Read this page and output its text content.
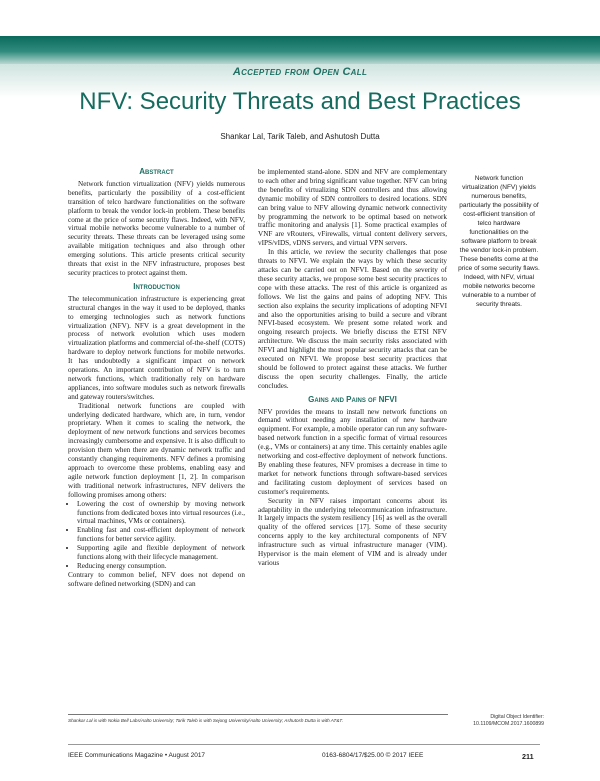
Accepted from Open Call
NFV: Security Threats and Best Practices
Shankar Lal, Tarik Taleb, and Ashutosh Dutta
Abstract

Network function virtualization (NFV) yields numerous benefits, particularly the possibility of a cost-efficient transition of telco hardware functionalities on the software platform to break the vendor lock-in problem. These benefits come at the price of some security flaws. Indeed, with NFV, virtual mobile networks become vulnerable to a number of security threats. These threats can be leveraged using some available mitigation techniques and also through other emerging solutions. This article presents critical security threats that exist in the NFV infrastructure, proposes best security practices to protect against them.

Introduction

The telecommunication infrastructure is experiencing great structural changes in the way it used to be deployed, thanks to emerging technologies such as network functions virtualization (NFV). NFV is a great development in the process of network evolution which uses modern virtualization platforms and commercial of-the-shelf (COTS) hardware to deploy network functions for mobile networks. It has undoubtedly a significant impact on network operations. An important contribution of NFV is to turn network functions, which traditionally rely on hardware appliances, into software modules such as network firewalls and gateway routers/switches.

Traditional network functions are coupled with underlying dedicated hardware, which are, in turn, vendor proprietary. When it comes to scaling the network, the deployment of new network functions and services becomes increasingly cumbersome and expensive. It is also difficult to provision them when there are dynamic network traffic and constantly changing requirements. NFV defines a promising approach to overcome these problems, enabling easy and agile network function deployment [1, 2]. In comparison with traditional network infrastructures, NFV delivers the following promises among others:

• Lowering the cost of ownership by moving network functions from dedicated boxes into virtual resources (i.e., virtual machines, VMs or containers).
• Enabling fast and cost-efficient deployment of network functions for better service agility.
• Supporting agile and flexible deployment of network functions along with their lifecycle management.
• Reducing energy consumption.

Contrary to common belief, NFV does not depend on software defined networking (SDN) and can

be implemented stand-alone. SDN and NFV are complementary to each other and bring significant value together. NFV can bring the benefits of virtualizing SDN controllers and thus allowing dynamic mobility of SDN controllers to desired locations. SDN can bring value to NFV allowing dynamic network connectivity by programming the network to be optimal based on network traffic monitoring and analysis [1]. Some practical examples of VNF are vRouters, vFirewalls, virtual content delivery servers, vIPS/vIDS, vDNS servers, and virtual VPN servers.

In this article, we review the security challenges that pose threats to NFVI. We explain the ways by which these security attacks can be carried out on NFVI. Based on the severity of these security attacks, we propose some best security practices to cope with these attacks. The rest of this article is organized as follows. We list the gains and pains of adopting NFV. This section also explains the security implications of adopting NFVI and also the opportunities arising to build a secure and vibrant NFVI-based ecosystem. We present some related work and ongoing research projects. We briefly discuss the ETSI NFV architecture. We discuss the main security risks associated with NFVI and highlight the most popular security attacks that can be executed on NFVI. We propose best security practices that should be followed to protect against these attacks. We further discuss the open security challenges. Finally, the article concludes.

Gains and Pains of NFVI

NFV provides the means to install new network functions on demand without needing any installation of new hardware equipment. For example, a mobile operator can run any software-based network function in a specific format of virtual resources (e.g., VMs or containers) at any time. This certainly enables agile networking and cost-effective deployment of network functions. By enabling these features, NFV promises a decrease in time to market for network functions through software-based services and facilitating custom deployment of services based on customer's requirements.

Security in NFV raises important concerns about its adaptability in the underlying telecommunication infrastructure. It largely impacts the system resiliency [16] as well as the overall quality of the offered services [17]. Some of these security concerns apply to the key architectural components of NFV infrastructure such as virtual infrastructure manager (VIM). Hypervisor is the main element of VIM and is already under various

Network function virtualization (NFV) yields numerous benefits, particularly the possibility of cost-efficient transition of telco hardware functionalities on the software platform to break the vendor lock-in problem. These benefits come at the price of some security flaws. Indeed, with NFV, virtual mobile networks become vulnerable to a number of security threats.
Shankar Lal is with Nokia Bell Labs/Aalto University; Tarik Taleb is with Sejong University/Aalto University; Ashutosh Dutta is with AT&T.
Digital Object Identifier:
10.1109/MCOM.2017.1600899
IEEE Communications Magazine • August 2017	0163-6804/17/$25.00 © 2017 IEEE	211
